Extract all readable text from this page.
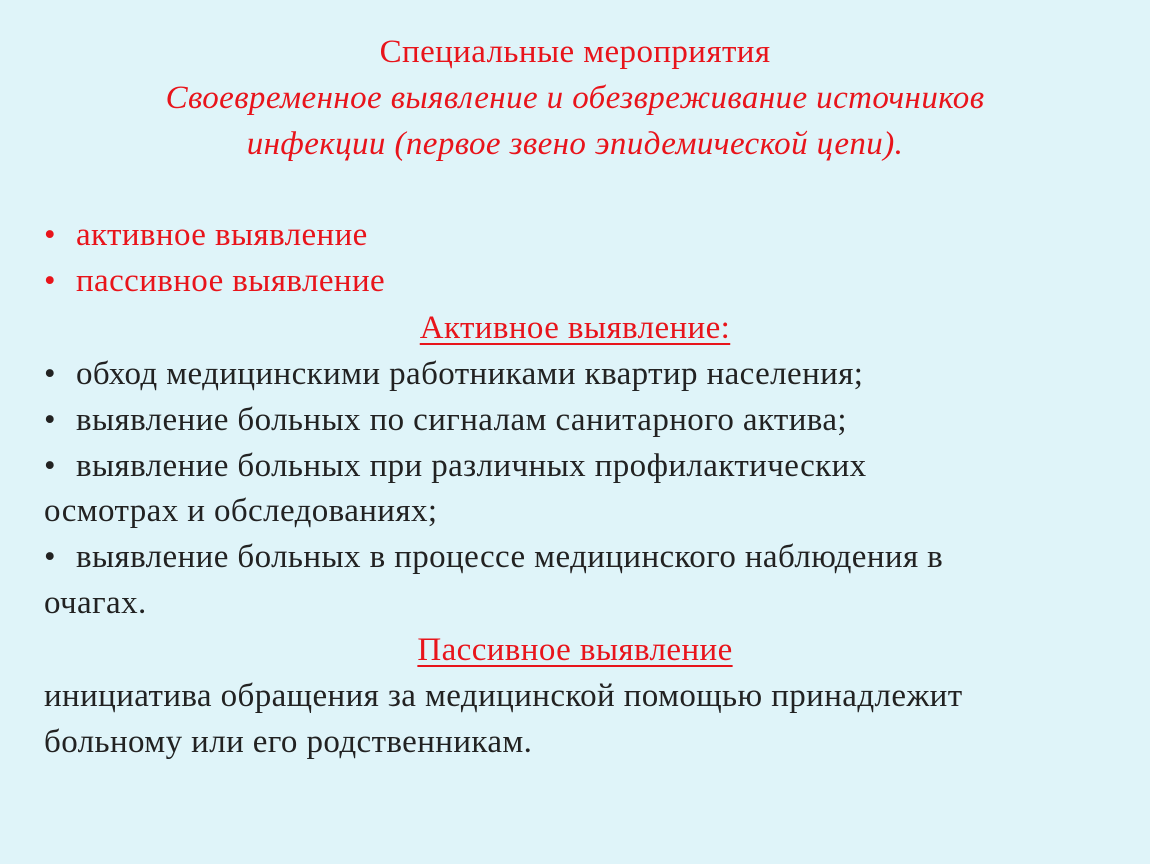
Специальные мероприятия
Своевременное выявление и обезвреживание источников
инфекции (первое звено эпидемической цепи).
• активное выявление
• пассивное выявление
Активное выявление:
• обход медицинскими работниками квартир населения;
• выявление больных по сигналам санитарного актива;
• выявление больных при различных профилактических
осмотрах и обследованиях;
• выявление больных в процессе медицинского наблюдения в
очагах.
Пассивное выявление
инициатива обращения за медицинской помощью принадлежит
больному или его родственникам.
